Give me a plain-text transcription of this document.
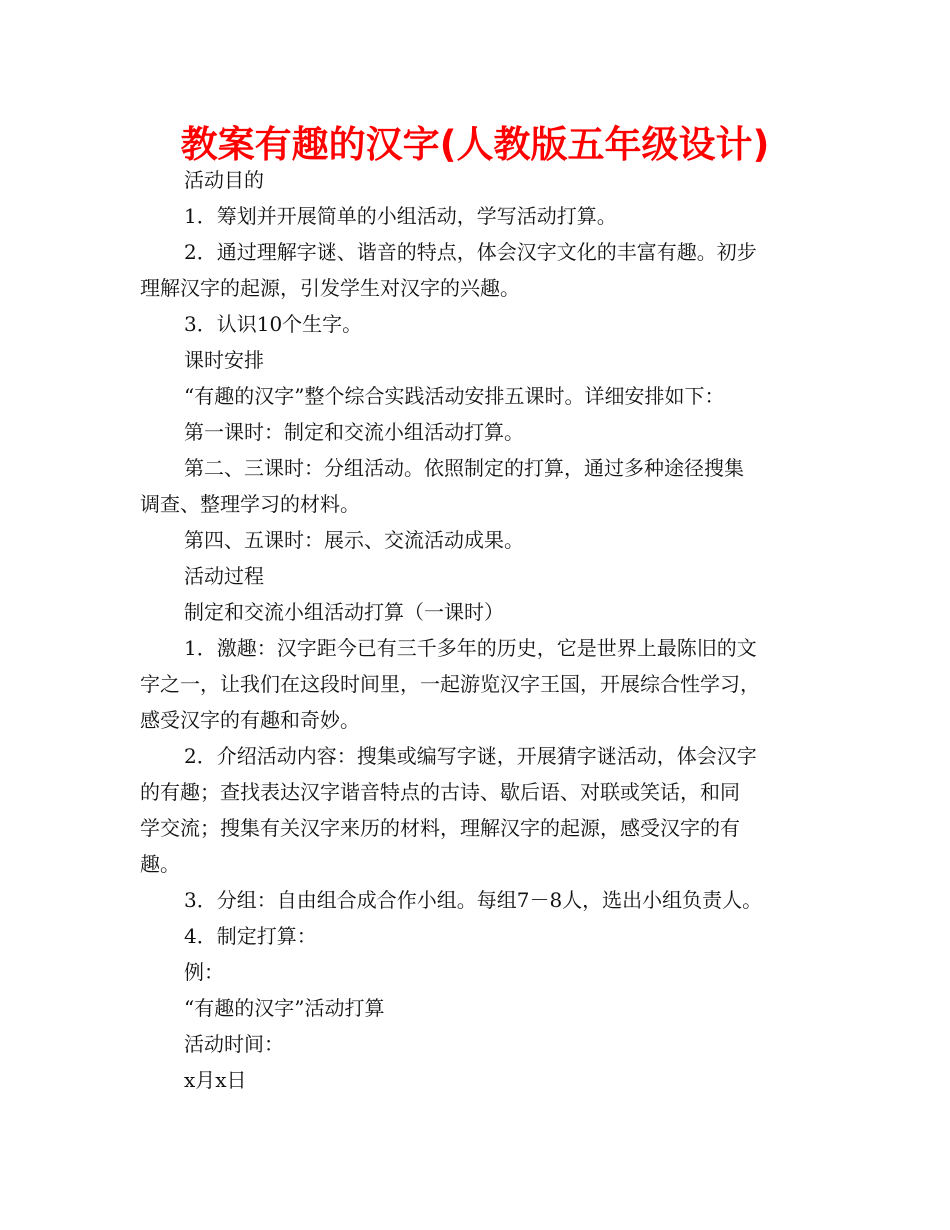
教案有趣的汉字(人教版五年级设计)

活动目的

1．筹划并开展简单的小组活动，学写活动打算。

2．通过理解字谜、谐音的特点，体会汉字文化的丰富有趣。初步
理解汉字的起源，引发学生对汉字的兴趣。

3．认识10个生字。

课时安排

“有趣的汉字”整个综合实践活动安排五课时。详细安排如下：

第一课时：制定和交流小组活动打算。

第二、三课时：分组活动。依照制定的打算，通过多种途径搜集
调查、整理学习的材料。

第四、五课时：展示、交流活动成果。

活动过程

制定和交流小组活动打算（一课时）

1．激趣：汉字距今已有三千多年的历史，它是世界上最陈旧的文
字之一，让我们在这段时间里，一起游览汉字王国，开展综合性学习，
感受汉字的有趣和奇妙。

2．介绍活动内容：搜集或编写字谜，开展猜字谜活动，体会汉字
的有趣；查找表达汉字谐音特点的古诗、歇后语、对联或笑话，和同
学交流；搜集有关汉字来历的材料，理解汉字的起源，感受汉字的有
趣。

3．分组：自由组合成合作小组。每组7－8人，选出小组负责人。

4．制定打算：

例：

“有趣的汉字”活动打算

活动时间：

x月x日
